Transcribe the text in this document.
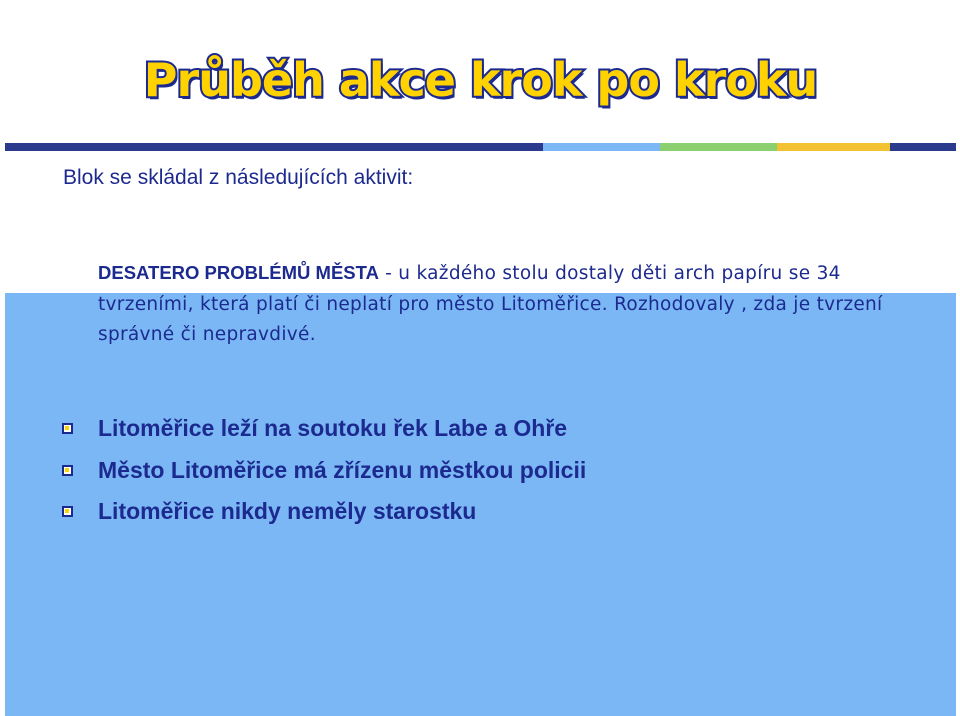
Průběh akce krok po kroku
Blok se skládal z následujících aktivit:
DESATERO PROBLÉMŮ MĚSTA - u každého stolu dostaly děti arch papíru se 34 tvrzeními, která platí či neplatí pro město Litoměřice. Rozhodovaly , zda je tvrzení správné či nepravdivé.
Litoměřice leží na soutoku řek Labe a Ohře
Město Litoměřice má zřízenu městkou policii
Litoměřice nikdy neměly starostku
